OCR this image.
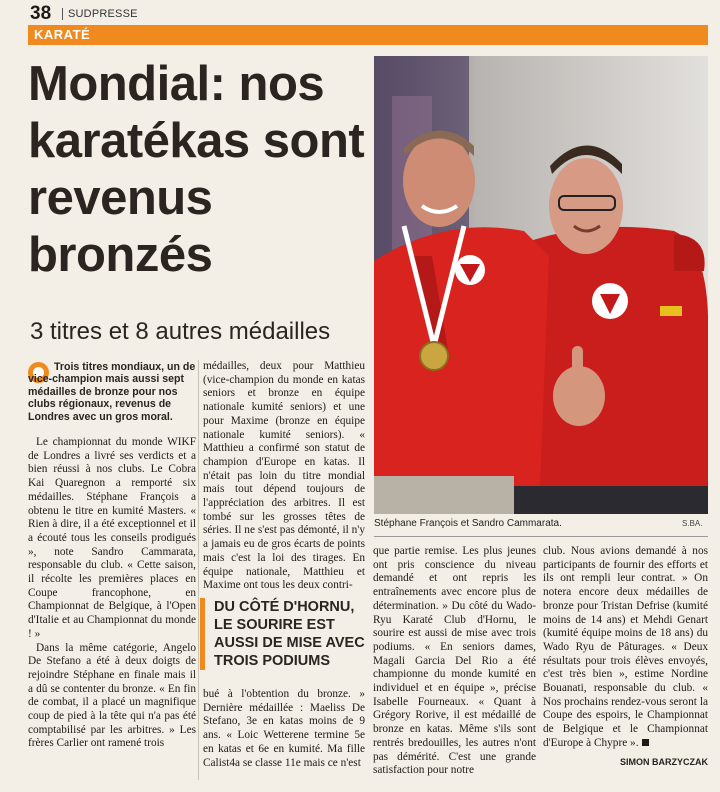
38	SUDPRESSE
KARATÉ
Mondial: nos karatékas sont revenus bronzés
3 titres et 8 autres médailles
Trois titres mondiaux, un de vice-champion mais aussi sept médailles de bronze pour nos clubs régionaux, revenus de Londres avec un gros moral.

Le championnat du monde WIKF de Londres a livré ses verdicts et a bien réussi à nos clubs. Le Cobra Kai Quaregnon a remporté six médailles. Stéphane François a obtenu le titre en kumité Masters. « Rien à dire, il a été exceptionnel et il a écouté tous les conseils prodigués », note Sandro Cammarata, responsable du club. « Cette saison, il récolte les premières places en Coupe francophone, en Championnat de Belgique, à l'Open d'Italie et au Championnat du monde ! »

Dans la même catégorie, Angelo De Stefano a été à deux doigts de rejoindre Stéphane en finale mais il a dû se contenter du bronze. « En fin de combat, il a placé un magnifique coup de pied à la tête qui n'a pas été comptabilisé par les arbitres. » Les frères Carlier ont ramené trois

médailles, deux pour Matthieu (vice-champion du monde en katas seniors et bronze en équipe nationale kumité seniors) et une pour Maxime (bronze en équipe nationale kumité seniors). « Matthieu a confirmé son statut de champion d'Europe en katas. Il n'était pas loin du titre mondial mais tout dépend toujours de l'appréciation des arbitres. Il est tombé sur les grosses têtes de séries. Il ne s'est pas démonté, il n'y a jamais eu de gros écarts de points mais c'est la loi des tirages. En équipe nationale, Matthieu et Maxime ont tous les deux contri-

DU CÔTÉ D'HORNU, LE SOURIRE EST AUSSI DE MISE AVEC TROIS PODIUMS

bué à l'obtention du bronze. » Dernière médaillée : Maeliss De Stefano, 3e en katas moins de 9 ans. « Loic Wetterene termine 5e en katas et 6e en kumité. Ma fille Calist4a se classe 11e mais ce n'est

Stéphane François et Sandro Cammarata.	S.BA.

que partie remise. Les plus jeunes ont pris conscience du niveau demandé et ont repris les entraînements avec encore plus de détermination. » Du côté du Wado-Ryu Karaté Club d'Hornu, le sourire est aussi de mise avec trois podiums. « En seniors dames, Magali Garcia Del Rio a été championne du monde kumité en individuel et en équipe », précise Isabelle Fourneaux. « Quant à Grégory Rorive, il est médaillé de bronze en katas. Même s'ils sont rentrés bredouilles, les autres n'ont pas démérité. C'est une grande satisfaction pour notre

club. Nous avions demandé à nos participants de fournir des efforts et ils ont rempli leur contrat. » On notera encore deux médailles de bronze pour Tristan Defrise (kumité moins de 14 ans) et Mehdi Genart (kumité équipe moins de 18 ans) du Wado Ryu de Pâturages. « Deux résultats pour trois élèves envoyés, c'est très bien », estime Nordine Bouanati, responsable du club. « Nos prochains rendez-vous seront la Coupe des espoirs, le Championnat de Belgique et le Championnat d'Europe à Chypre ».

SIMON BARZYCZAK
